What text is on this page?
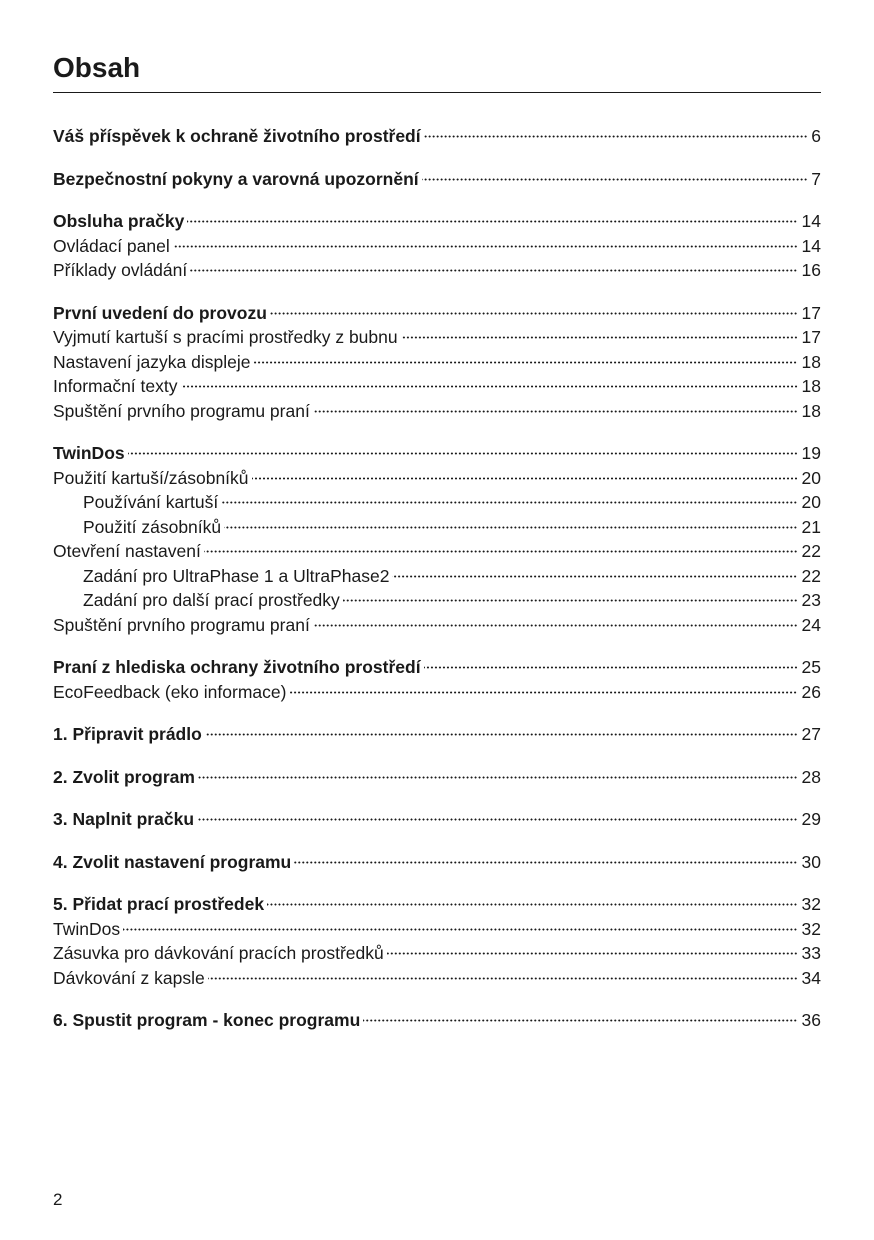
Obsah
Váš příspěvek k ochraně životního prostředí	6
Bezpečnostní pokyny a varovná upozornění	7
Obsluha pračky	14
Ovládací panel	14
Příklady ovládání	16
První uvedení do provozu	17
Vyjmutí kartuší s pracími prostředky z bubnu	17
Nastavení jazyka displeje	18
Informační texty	18
Spuštění prvního programu praní	18
TwinDos	19
Použití kartuší/zásobníků	20
Používání kartuší	20
Použití zásobníků	21
Otevření nastavení	22
Zadání pro UltraPhase 1 a UltraPhase2	22
Zadání pro další prací prostředky	23
Spuštění prvního programu praní	24
Praní z hlediska ochrany životního prostředí	25
EcoFeedback (eko informace)	26
1. Připravit prádlo	27
2. Zvolit program	28
3. Naplnit pračku	29
4. Zvolit nastavení programu	30
5. Přidat prací prostředek	32
TwinDos	32
Zásuvka pro dávkování pracích prostředků	33
Dávkování z kapsle	34
6. Spustit program - konec programu	36
2
